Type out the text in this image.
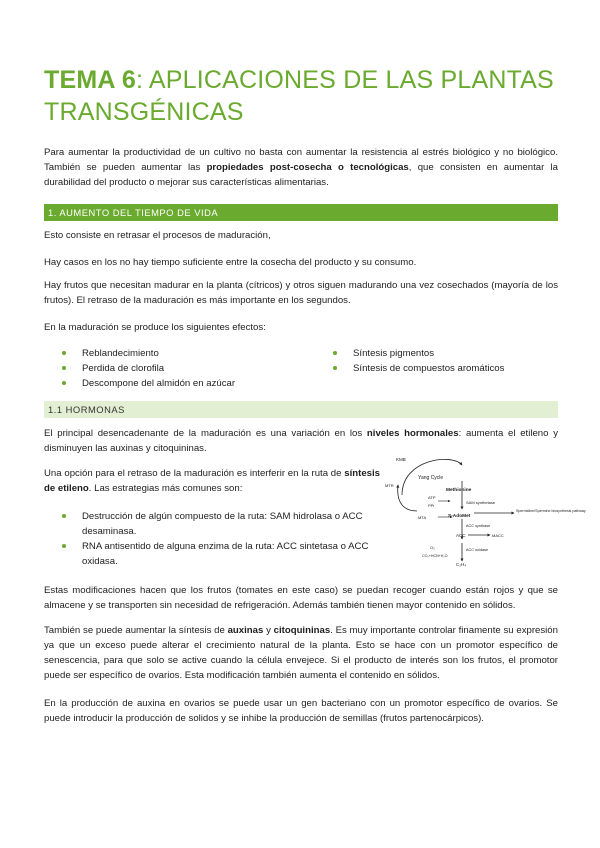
TEMA 6: APLICACIONES DE LAS PLANTAS TRANSGÉNICAS

Para aumentar la productividad de un cultivo no basta con aumentar la resistencia al estrés biológico y no biológico. También se pueden aumentar las propiedades post-cosecha o tecnológicas, que consisten en aumentar la durabilidad del producto o mejorar sus características alimentarias.

1. AUMENTO DEL TIEMPO DE VIDA

Esto consiste en retrasar el procesos de maduración,

Hay casos en los no hay tiempo suficiente entre la cosecha del producto y su consumo.

Hay frutos que necesitan madurar en la planta (cítricos) y otros siguen madurando una vez cosechados (mayoría de los frutos). El retraso de la maduración es más importante en los segundos.

En la maduración se produce los siguientes efectos:

Reblandecimiento
Perdida de clorofila
Descompone del almidón en azúcar
Síntesis pigmentos
Síntesis de compuestos aromáticos
1.1 HORMONAS

El principal desencadenante de la maduración es una variación en los niveles hormonales: aumenta el etileno y disminuyen las auxinas y citoquininas.

Una opción para el retraso de la maduración es interferir en la ruta de síntesis de etileno. Las estrategias más comunes son:

Destrucción de algún compuesto de la ruta: SAM hidrolasa o ACC desaminasa.
RNA antisentido de alguna enzima de la ruta: ACC sintetasa o ACC oxidasa.
KMB
Yang Cycle
Methionine
MTR
ATP
PPi
SAM synthetase
MTA	S-AdoMet
Spermidine/Spermine biosynthesis pathway
ACC synthase
ACC	MACC
O₂
CO₂+HCN+H₂O
ACC oxidase
C₂H₄

Estas modificaciones hacen que los frutos (tomates en este caso) se puedan recoger cuando están rojos y que se almacene y se transporten sin necesidad de refrigeración. Además también tienen mayor contenido en sólidos.

También se puede aumentar la síntesis de auxinas y citoquininas. Es muy importante controlar finamente su expresión ya que un exceso puede alterar el crecimiento natural de la planta. Esto se hace con un promotor específico de senescencia, para que solo se active cuando la célula envejece. Si el producto de interés son los frutos, el promotor puede ser específico de ovarios. Esta modificación también aumenta el contenido en sólidos.

En la producción de auxina en ovarios se puede usar un gen bacteriano con un promotor específico de ovarios. Se puede introducir la producción de solidos y se inhibe la producción de semillas (frutos partenocárpicos).
